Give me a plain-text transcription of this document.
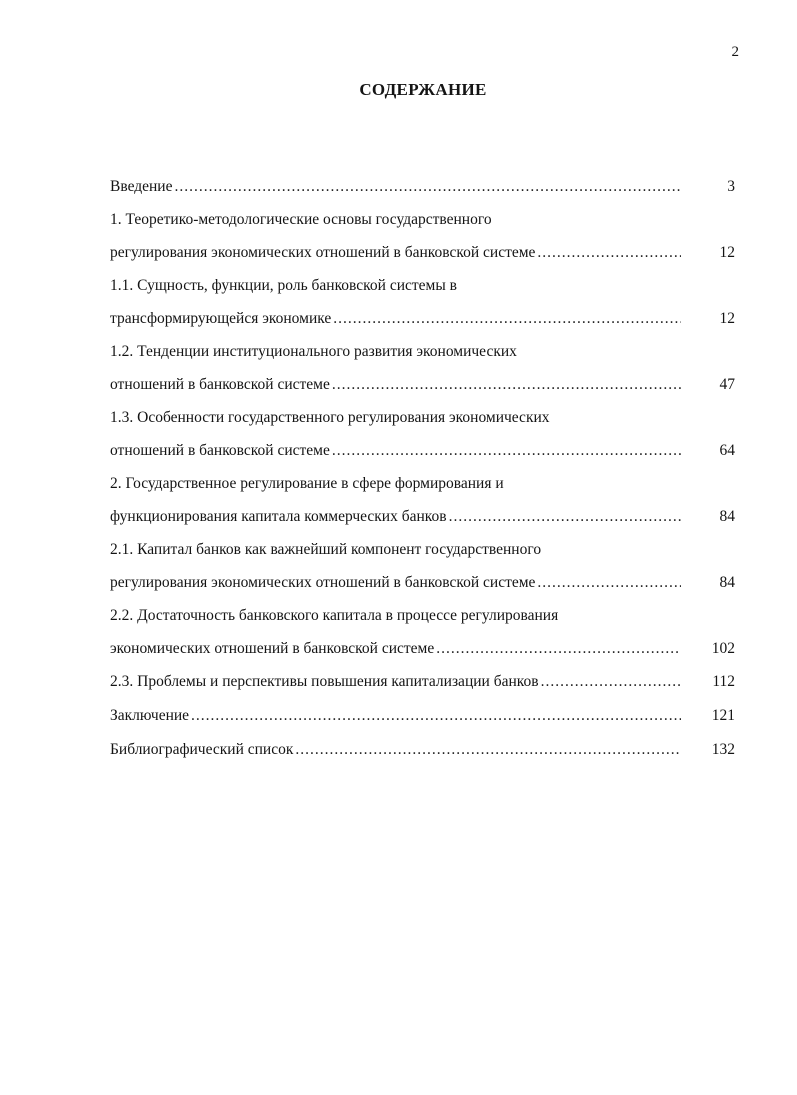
2
СОДЕРЖАНИЕ
Введение .....	3
1. Теоретико-методологические основы государственного
регулирования экономических отношений в банковской системе .....	12
1.1. Сущность, функции, роль банковской системы в
трансформирующейся экономике .....	12
1.2. Тенденции институционального развития экономических
отношений в банковской системе .....	47
1.3. Особенности государственного регулирования экономических
отношений в банковской системе .....	64
2. Государственное регулирование в сфере формирования и
функционирования капитала коммерческих банков .....	84
2.1. Капитал банков как важнейший компонент государственного
регулирования экономических отношений в банковской системе .....	84
2.2. Достаточность банковского капитала в процессе регулирования
экономических отношений в банковской системе .....	102
2.3. Проблемы и перспективы повышения капитализации банков .....	112
Заключение .....	121
Библиографический список .....	132
